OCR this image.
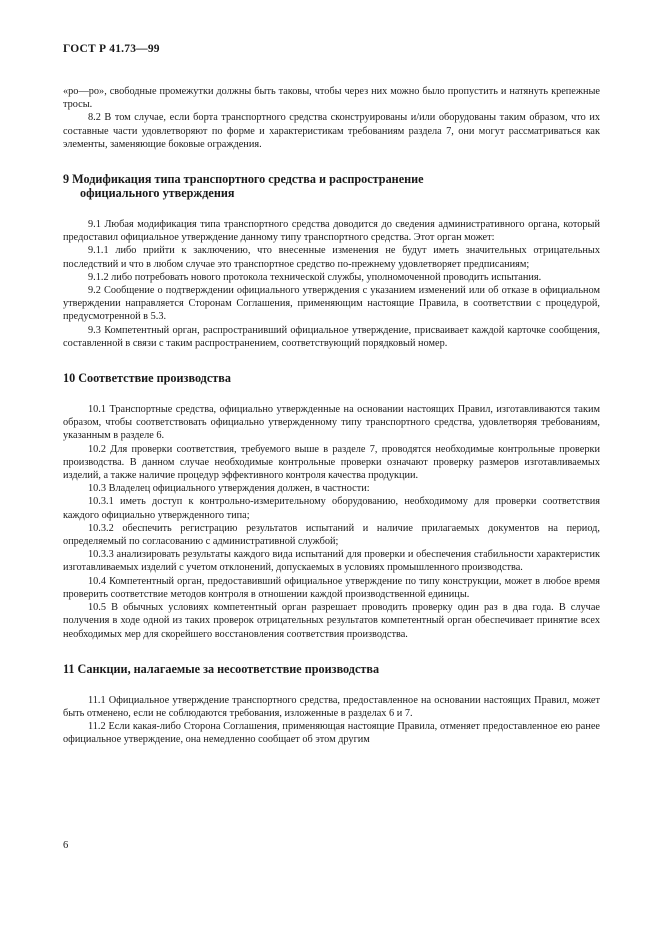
ГОСТ Р 41.73—99

«ро—ро», свободные промежутки должны быть таковы, чтобы через них можно было пропустить и натянуть крепежные тросы.

8.2 В том случае, если борта транспортного средства сконструированы и/или оборудованы таким образом, что их составные части удовлетворяют по форме и характеристикам требованиям раздела 7, они могут рассматриваться как элементы, заменяющие боковые ограждения.

9 Модификация типа транспортного средства и распространение
официального утверждения

9.1 Любая модификация типа транспортного средства доводится до сведения административного органа, который предоставил официальное утверждение данному типу транспортного средства. Этот орган может:

9.1.1 либо прийти к заключению, что внесенные изменения не будут иметь значительных отрицательных последствий и что в любом случае это транспортное средство по-прежнему удовлетворяет предписаниям;

9.1.2 либо потребовать нового протокола технической службы, уполномоченной проводить испытания.

9.2 Сообщение о подтверждении официального утверждения с указанием изменений или об отказе в официальном утверждении направляется Сторонам Соглашения, применяющим настоящие Правила, в соответствии с процедурой, предусмотренной в 5.3.

9.3 Компетентный орган, распространивший официальное утверждение, присваивает каждой карточке сообщения, составленной в связи с таким распространением, соответствующий порядковый номер.

10 Соответствие производства

10.1 Транспортные средства, официально утвержденные на основании настоящих Правил, изготавливаются таким образом, чтобы соответствовать официально утвержденному типу транспортного средства, удовлетворяя требованиям, указанным в разделе 6.

10.2 Для проверки соответствия, требуемого выше в разделе 7, проводятся необходимые контрольные проверки производства. В данном случае необходимые контрольные проверки означают проверку размеров изготавливаемых изделий, а также наличие процедур эффективного контроля качества продукции.

10.3 Владелец официального утверждения должен, в частности:

10.3.1 иметь доступ к контрольно-измерительному оборудованию, необходимому для проверки соответствия каждого официально утвержденного типа;

10.3.2 обеспечить регистрацию результатов испытаний и наличие прилагаемых документов на период, определяемый по согласованию с административной службой;

10.3.3 анализировать результаты каждого вида испытаний для проверки и обеспечения стабильности характеристик изготавливаемых изделий с учетом отклонений, допускаемых в условиях промышленного производства.

10.4 Компетентный орган, предоставивший официальное утверждение по типу конструкции, может в любое время проверить соответствие методов контроля в отношении каждой производственной единицы.

10.5 В обычных условиях компетентный орган разрешает проводить проверку один раз в два года. В случае получения в ходе одной из таких проверок отрицательных результатов компетентный орган обеспечивает принятие всех необходимых мер для скорейшего восстановления соответствия производства.

11 Санкции, налагаемые за несоответствие производства

11.1 Официальное утверждение транспортного средства, предоставленное на основании настоящих Правил, может быть отменено, если не соблюдаются требования, изложенные в разделах 6 и 7.

11.2 Если какая-либо Сторона Соглашения, применяющая настоящие Правила, отменяет предоставленное ею ранее официальное утверждение, она немедленно сообщает об этом другим

6
